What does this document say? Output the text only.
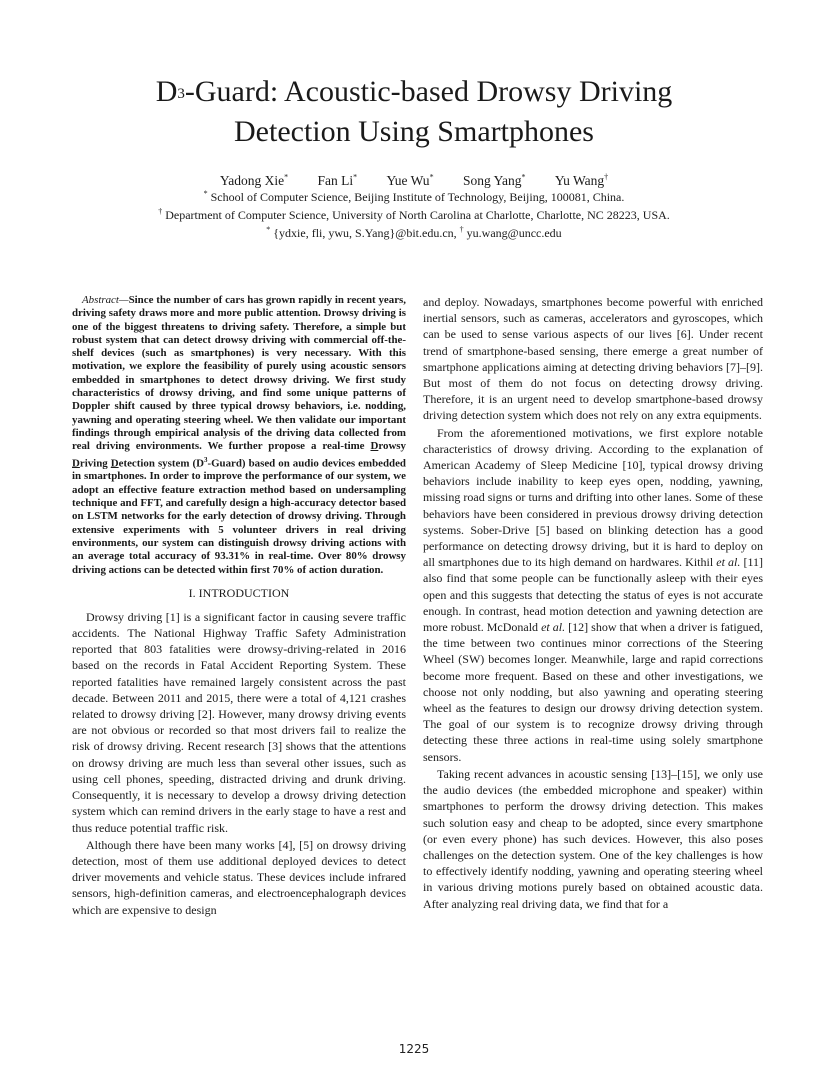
$D^3$-Guard: Acoustic-based Drowsy Driving
Detection Using Smartphones
Yadong Xie* Fan Li* Yue Wu* Song Yang* Yu Wang†
* School of Computer Science, Beijing Institute of Technology, Beijing, 100081, China.
† Department of Computer Science, University of North Carolina at Charlotte, Charlotte, NC 28223, USA.
* {ydxie, fli, ywu, S.Yang}@bit.edu.cn, † yu.wang@uncc.edu

Abstract—Since the number of cars has grown rapidly in recent years, driving safety draws more and more public attention. Drowsy driving is one of the biggest threatens to driving safety. Therefore, a simple but robust system that can detect drowsy driving with commercial off-the-shelf devices (such as smartphones) is very necessary. With this motivation, we explore the feasibility of purely using acoustic sensors embedded in smartphones to detect drowsy driving. We first study characteristics of drowsy driving, and find some unique patterns of Doppler shift caused by three typical drowsy behaviors, i.e. nodding, yawning and operating steering wheel. We then validate our important findings through empirical analysis of the driving data collected from real driving environments. We further propose a real-time Drowsy Driving Detection system $(D^3-Guard)$ based on audio devices embedded in smartphones. In order to improve the performance of our system, we adopt an effective feature extraction method based on undersampling technique and FFT, and carefully design a high-accuracy detector based on LSTM networks for the early detection of drowsy driving. Through extensive experiments with 5 volunteer drivers in real driving environments, our system can distinguish drowsy driving actions with an average total accuracy of 93.31% in real-time. Over 80% drowsy driving actions can be detected within first 70% of action duration.

I. INTRODUCTION

Drowsy driving [1] is a significant factor in causing severe traffic accidents. The National Highway Traffic Safety Administration reported that 803 fatalities were drowsy-driving-related in 2016 based on the records in Fatal Accident Reporting System. These reported fatalities have remained largely consistent across the past decade. Between 2011 and 2015, there were a total of 4,121 crashes related to drowsy driving [2]. However, many drowsy driving events are not obvious or recorded so that most drivers fail to realize the risk of drowsy driving. Recent research [3] shows that the attentions on drowsy driving are much less than several other issues, such as using cell phones, speeding, distracted driving and drunk driving. Consequently, it is necessary to develop a drowsy driving detection system which can remind drivers in the early stage to have a rest and thus reduce potential traffic risk.

Although there have been many works [4], [5] on drowsy driving detection, most of them use additional deployed devices to detect driver movements and vehicle status. These devices include infrared sensors, high-definition cameras, and electroencephalograph devices which are expensive to design

and deploy. Nowadays, smartphones become powerful with enriched inertial sensors, such as cameras, accelerators and gyroscopes, which can be used to sense various aspects of our lives [6]. Under recent trend of smartphone-based sensing, there emerge a great number of smartphone applications aiming at detecting driving behaviors [7]–[9]. But most of them do not focus on detecting drowsy driving. Therefore, it is an urgent need to develop smartphone-based drowsy driving detection system which does not rely on any extra equipments.

From the aforementioned motivations, we first explore notable characteristics of drowsy driving. According to the explanation of American Academy of Sleep Medicine [10], typical drowsy driving behaviors include inability to keep eyes open, nodding, yawning, missing road signs or turns and drifting into other lanes. Some of these behaviors have been considered in previous drowsy driving detection systems. Sober-Drive [5] based on blinking detection has a good performance on detecting drowsy driving, but it is hard to deploy on all smartphones due to its high demand on hardwares. Kithil et al. [11] also find that some people can be functionally asleep with their eyes open and this suggests that detecting the status of eyes is not accurate enough. In contrast, head motion detection and yawning detection are more robust. McDonald et al. [12] show that when a driver is fatigued, the time between two continues minor corrections of the Steering Wheel (SW) becomes longer. Meanwhile, large and rapid corrections become more frequent. Based on these and other investigations, we choose not only nodding, but also yawning and operating steering wheel as the features to design our drowsy driving detection system. The goal of our system is to recognize drowsy driving through detecting these three actions in real-time using solely smartphone sensors.

Taking recent advances in acoustic sensing [13]–[15], we only use the audio devices (the embedded microphone and speaker) within smartphones to perform the drowsy driving detection. This makes such solution easy and cheap to be adopted, since every smartphone (or even every phone) has such devices. However, this also poses challenges on the detection system. One of the key challenges is how to effectively identify nodding, yawning and operating steering wheel in various driving motions purely based on obtained acoustic data. After analyzing real driving data, we find that for a

1225
